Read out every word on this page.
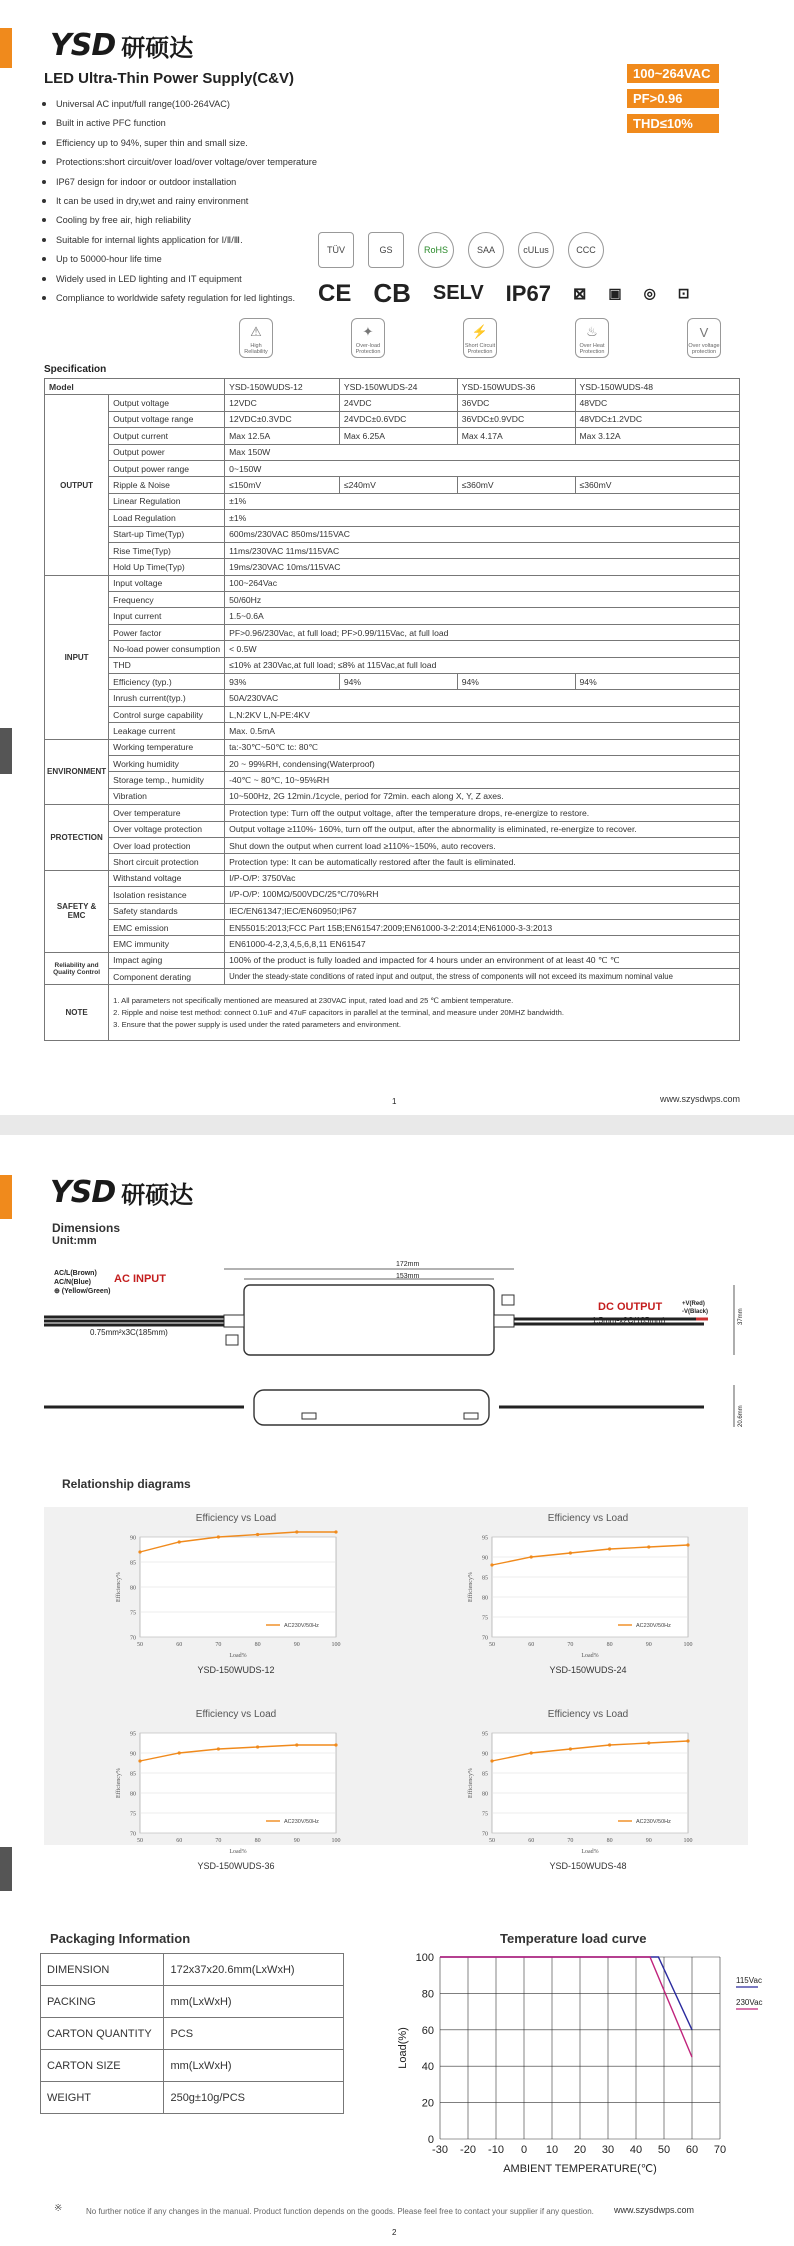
YSD 研硕达
LED Ultra-Thin Power Supply(C&V)	100~264VAC
PF>0.96
THD≤10%
Universal AC input/full range(100-264VAC)
Built in active PFC function
Efficiency up to 94%, super thin and small size.
Protections:short circuit/over load/over voltage/over temperature
IP67 design for indoor or outdoor installation
It can be used in dry,wet and rainy environment
Cooling by free air, high reliability
Suitable for internal lights application for Ⅰ/Ⅱ/Ⅲ.
Up to 50000-hour life time
Widely used in LED lighting and IT equipment
Compliance to worldwide safety regulation for led lightings.
TÜV	GS	RoHS	SAA	cULus	CCC
CE CB SELV IP67 ⊠ ▣ ◎ ⊡
⚠
High Reliability
✦
Over-load Protection
⚡
Short Circuit Protection
♨
Over Heat Protection
V
Over voltage protection
Specification
Model		YSD-150WUDS-12	YSD-150WUDS-24	YSD-150WUDS-36	YSD-150WUDS-48
OUTPUT	Output voltage	12VDC	24VDC	36VDC	48VDC
	Output voltage range	12VDC±0.3VDC	24VDC±0.6VDC	36VDC±0.9VDC	48VDC±1.2VDC
	Output current	Max 12.5A	Max 6.25A	Max 4.17A	Max 3.12A
	Output power	Max 150W			
	Output power range	0~150W			
	Ripple & Noise	≤150mV	≤240mV	≤360mV	≤360mV
	Linear Regulation	±1%			
	Load Regulation	±1%			
	Start-up Time(Typ)	600ms/230VAC 850ms/115VAC			
	Rise Time(Typ)	11ms/230VAC 11ms/115VAC			
	Hold Up Time(Typ)	19ms/230VAC 10ms/115VAC			
INPUT	Input voltage	100~264Vac			
	Frequency	50/60Hz			
	Input current	1.5~0.6A			
	Power factor	PF>0.96/230Vac, at full load; PF>0.99/115Vac, at full load			
	No-load power consumption	< 0.5W			
	THD	≤10% at 230Vac,at full load; ≤8% at 115Vac,at full load			
	Efficiency (typ.)	93%	94%	94%	94%
	Inrush current(typ.)	50A/230VAC			
	Control surge capability	L,N:2KV L,N-PE:4KV			
	Leakage current	Max. 0.5mA			
ENVIRONMENT	Working temperature	ta:-30℃~50℃ tc: 80℃			
	Working humidity	20 ~ 99%RH, condensing(Waterproof)			
	Storage temp., humidity	-40℃ ~ 80℃, 10~95%RH			
	Vibration	10~500Hz, 2G 12min./1cycle, period for 72min. each along X, Y, Z axes.			
PROTECTION	Over temperature	Protection type: Turn off the output voltage, after the temperature drops, re-energize to restore.			
	Over voltage protection	Output voltage ≥110%- 160%, turn off the output, after the abnormality is eliminated, re-energize to recover.			
	Over load protection	Shut down the output when current load ≥110%~150%, auto recovers.			
	Short circuit protection	Protection type: It can be automatically restored after the fault is eliminated.			
SAFETY & EMC	Withstand voltage	I/P-O/P: 3750Vac			
	Isolation resistance	I/P-O/P: 100MΩ/500VDC/25℃/70%RH			
	Safety standards	IEC/EN61347;IEC/EN60950;IP67			
	EMC emission	EN55015:2013;FCC Part 15B;EN61547:2009;EN61000-3-2:2014;EN61000-3-3:2013			
	EMC immunity	EN61000-4-2,3,4,5,6,8,11 EN61547			
Reliability and Quality Control	Impact aging	100% of the product is fully loaded and impacted for 4 hours under an environment of at least 40 ℃ ℃			
	Component derating	Under the steady-state conditions of rated input and output, the stress of components will not exceed its maximum nominal value			
NOTE	1. All parameters not specifically mentioned are measured at 230VAC input, rated load and 25 ℃ ambient temperature.
2. Ripple and noise test method: connect 0.1uF and 47uF capacitors in parallel at the terminal, and measure under 20MHZ bandwidth.
3. Ensure that the power supply is used under the rated parameters and environment.				
1	www.szysdwps.com
YSD 研硕达
Dimensions
Unit:mm
AC/L(Brown)
AC/N(Blue)
⊕ (Yellow/Green)
AC INPUT
0.75mm²x3C(185mm)
DC OUTPUT
1.5mm²x2C(185mm)
+V(Red)
-V(Black)
172mm
153mm
37mm
20.6mm
Relationship diagrams
Efficiency vs Load
YSD-150WUDS-12
70
75
80
85
90
50	60	70	80	90	100
Load%
Efficiency%
AC230V/50Hz
Efficiency vs Load
YSD-150WUDS-24
70
75
80
85
90
95
50	60	70	80	90	100
Load%
Efficiency%
AC230V/50Hz
Efficiency vs Load
YSD-150WUDS-36
70
75
80
85
90
95
50	60	70	80	90	100
Load%
Efficiency%
AC230V/50Hz
Efficiency vs Load
YSD-150WUDS-48
70
75
80
85
90
95
50	60	70	80	90	100
Load%
Efficiency%
AC230V/50Hz
Packaging Information
DIMENSION	172x37x20.6mm(LxWxH)
PACKING	mm(LxWxH)
CARTON QUANTITY	PCS
CARTON SIZE	mm(LxWxH)
WEIGHT	250g±10g/PCS
Temperature load curve
-30 -20 -10 0 10 20 30 40 50 60 70
0
20
40
60
80
100
AMBIENT TEMPERATURE(℃)
Load(%)
115Vac
230Vac
※	No further notice if any changes in the manual. Product function depends on the goods. Please feel free to contact your supplier if any question. www.szysdwps.com
2
